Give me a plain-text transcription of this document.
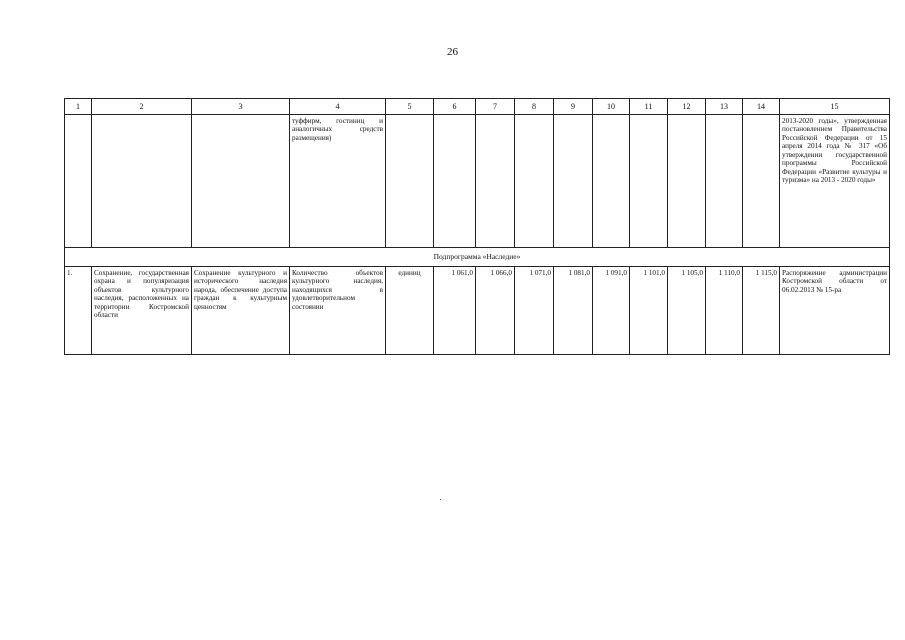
26
1	2	3	4	5	6	7	8	9	10	11	12	13	14	15
			туффирм, гостиниц и аналогичных средств размещения)											2013-2020 годы», утвержденная постановлением Правительства Российской Федерации от 15 апреля 2014 года № 317 «Об утверждении государственной программы Российской Федерации «Развитие культуры и туризма» на 2013 - 2020 годы»
Подпрограмма «Наследие»														
1.	Сохранение, государственная охрана и популяризация объектов культурного наследия, расположенных на территории Костромской области	Сохранение культурного и исторического наследия народа, обеспечение доступа граждан к культурным ценностям	Количество объектов культурного наследия, находящихся в удовлетворительном состоянии	единиц	1 061,0	1 066,0	1 071,0	1 081,0	1 091,0	1 101,0	1 105,0	1 110,0	1 115,0	Распоряжение администрации Костромской области от 06.02.2013 № 15-ра
